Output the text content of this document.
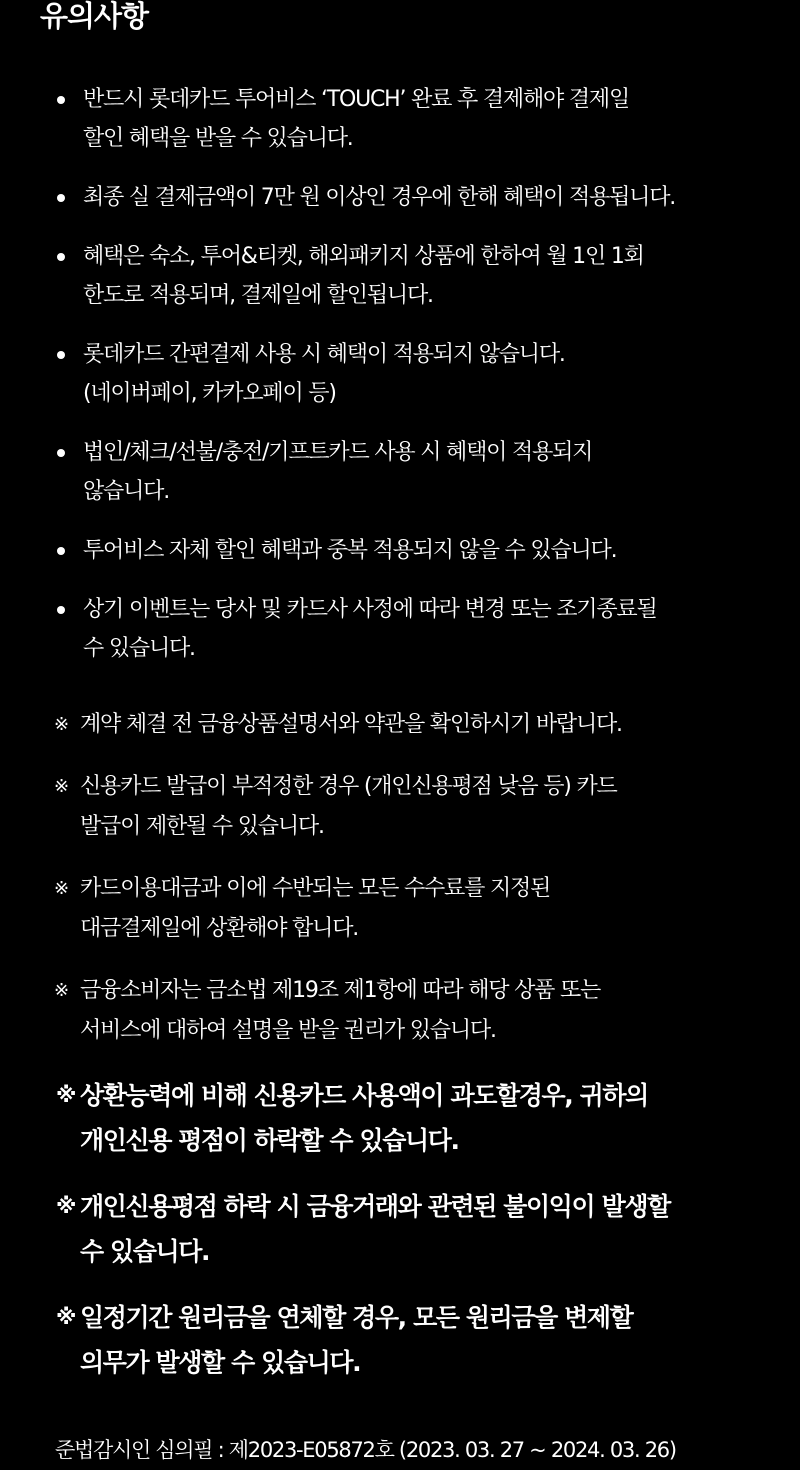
유의사항
반드시 롯데카드 투어비스 ‘TOUCH’ 완료 후 결제해야 결제일
할인 혜택을 받을 수 있습니다.
최종 실 결제금액이 7만 원 이상인 경우에 한해 혜택이 적용됩니다.
혜택은 숙소, 투어&티켓, 해외패키지 상품에 한하여 월 1인 1회
한도로 적용되며, 결제일에 할인됩니다.
롯데카드 간편결제 사용 시 혜택이 적용되지 않습니다.
(네이버페이, 카카오페이 등)
법인/체크/선불/충전/기프트카드 사용 시 혜택이 적용되지
않습니다.
투어비스 자체 할인 혜택과 중복 적용되지 않을 수 있습니다.
상기 이벤트는 당사 및 카드사 사정에 따라 변경 또는 조기종료될
수 있습니다.
※ 계약 체결 전 금융상품설명서와 약관을 확인하시기 바랍니다.
※ 신용카드 발급이 부적정한 경우 (개인신용평점 낮음 등) 카드
발급이 제한될 수 있습니다.
※ 카드이용대금과 이에 수반되는 모든 수수료를 지정된
대금결제일에 상환해야 합니다.
※ 금융소비자는 금소법 제19조 제1항에 따라 해당 상품 또는
서비스에 대하여 설명을 받을 권리가 있습니다.
※ 상환능력에 비해 신용카드 사용액이 과도할경우, 귀하의
개인신용 평점이 하락할 수 있습니다.
※ 개인신용평점 하락 시 금융거래와 관련된 불이익이 발생할
수 있습니다.
※ 일정기간 원리금을 연체할 경우, 모든 원리금을 변제할
의무가 발생할 수 있습니다.

준법감시인 심의필 : 제2023-E05872호 (2023. 03. 27 ~ 2024. 03. 26)
